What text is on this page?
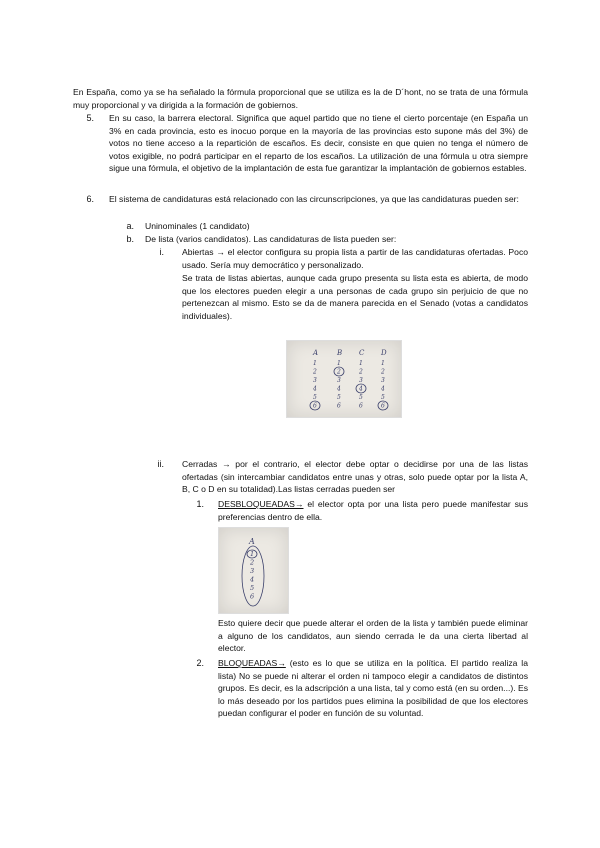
En España, como ya se ha señalado la fórmula proporcional que se utiliza es la de D´hont, no se trata de una fórmula muy proporcional y va dirigida a la formación de gobiernos.

5. En su caso, la barrera electoral. Significa que aquel partido que no tiene el cierto porcentaje (en España un 3% en cada provincia, esto es inocuo porque en la mayoría de las provincias esto supone más del 3%) de votos no tiene acceso a la repartición de escaños. Es decir, consiste en que quien no tenga el número de votos exigible, no podrá participar en el reparto de los escaños. La utilización de una fórmula u otra siempre sigue una fórmula, el objetivo de la implantación de esta fue garantizar la implantación de gobiernos estables.

6. El sistema de candidaturas está relacionado con las circunscripciones, ya que las candidaturas pueden ser:

a. Uninominales (1 candidato)

b. De lista (varios candidatos). Las candidaturas de lista pueden ser:

i. Abiertas → el elector configura su propia lista a partir de las candidaturas ofertadas. Poco usado. Sería muy democrático y personalizado.

Se trata de listas abiertas, aunque cada grupo presenta su lista esta es abierta, de modo que los electores pueden elegir a una personas de cada grupo sin perjuicio de que no pertenezcan al mismo. Esto se da de manera parecida en el Senado (votas a candidatos individuales).

A
1
2
3
4
5
6
B
1
2
3
4
5
6
C
1
2
3
4
5
6
D
1
2
3
4
5
6
ii. Cerradas → por el contrario, el elector debe optar o decidirse por una de las listas ofertadas (sin intercambiar candidatos entre unas y otras, solo puede optar por la lista A, B, C o D en su totalidad).Las listas cerradas pueden ser

1. DESBLOQUEADAS→ el elector opta por una lista pero puede manifestar sus preferencias dentro de ella.

A
1
2
3
4
5
6

Esto quiere decir que puede alterar el orden de la lista y también puede eliminar a alguno de los candidatos, aun siendo cerrada le da una cierta libertad al elector.

2. BLOQUEADAS→ (esto es lo que se utiliza en la política. El partido realiza la lista) No se puede ni alterar el orden ni tampoco elegir a candidatos de distintos grupos. Es decir, es la adscripción a una lista, tal y como está (en su orden...). Es lo más deseado por los partidos pues elimina la posibilidad de que los electores puedan configurar el poder en función de su voluntad.
